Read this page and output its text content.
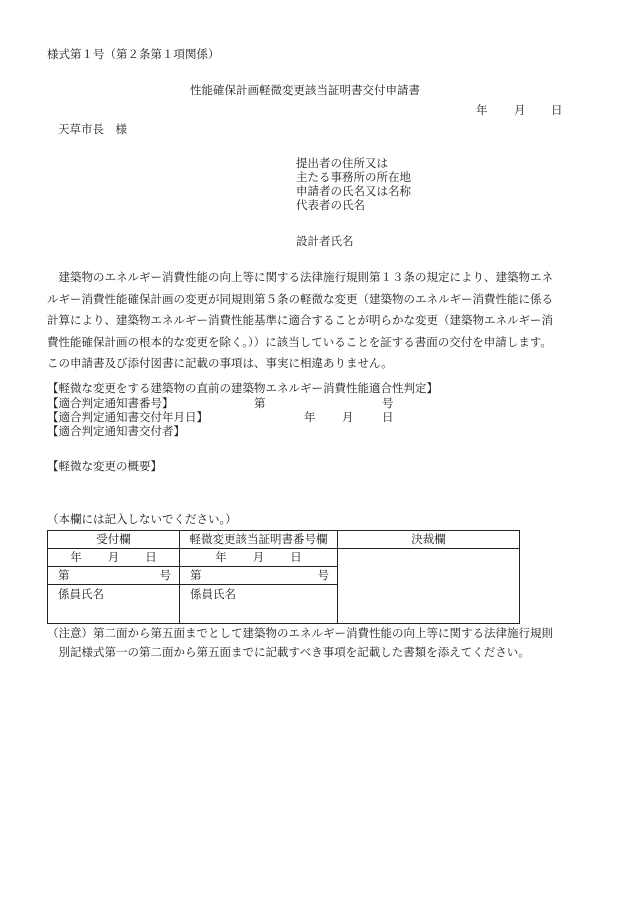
様式第１号（第２条第１項関係）
性能確保計画軽微変更該当証明書交付申請書
年 月 日
天草市長　様
提出者の住所又は
主たる事務所の所在地
申請者の氏名又は名称
代表者の氏名
設計者氏名
　建築物のエネルギー消費性能の向上等に関する法律施行規則第１３条の規定により、建築物エネ
ルギー消費性能確保計画の変更が同規則第５条の軽微な変更（建築物のエネルギー消費性能に係る
計算により、建築物エネルギー消費性能基準に適合することが明らかな変更（建築物エネルギー消
費性能確保計画の根本的な変更を除く。））に該当していることを証する書面の交付を申請します。
この申請書及び添付図書に記載の事項は、事実に相違ありません。
【軽微な変更をする建築物の直前の建築物エネルギー消費性能適合性判定】
【適合判定通知書番号】	第	号
【適合判定通知書交付年月日】	年 月 日
【適合判定通知書交付者】
【軽微な変更の概要】
（本欄には記入しないでください。）
受付欄	軽微変更該当証明書番号欄	決裁欄

年 月 日	年 月 日	

第 号	第 号	

係員氏名	係員氏名	
（注意）第二面から第五面までとして建築物のエネルギー消費性能の向上等に関する法律施行規則
　別記様式第一の第二面から第五面までに記載すべき事項を記載した書類を添えてください。
